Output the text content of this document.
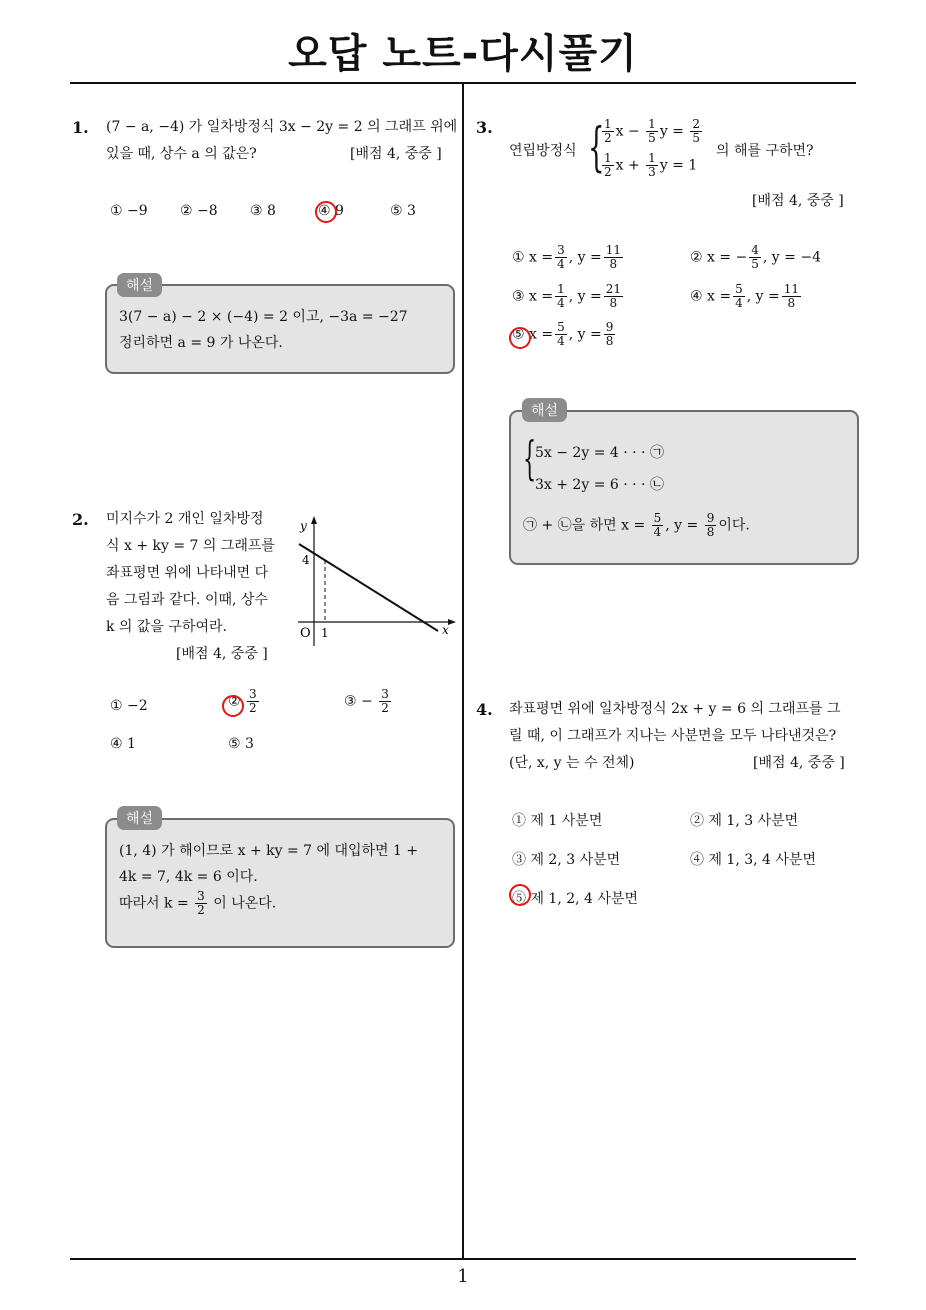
오답 노트-다시풀기
1
1. (7 − a, −4) 가 일차방정식 3x − 2y = 2 의 그래프 위에
있을 때, 상수 a 의 값은?	[배점 4, 중중 ]
① −9 ② −8 ③ 8	④ 9	⑤ 3
3(7 − a) − 2 × (−4) = 2 이고, −3a = −27
정리하면 a = 9 가 나온다.
해설
2. 미지수가 2 개인 일차방정
식 x + ky = 7 의 그래프를
좌표평면 위에 나타내면 다
음 그림과 같다. 이때, 상수
k 의 값을 구하여라.
[배점 4, 중중 ]
y
x
O 1
4
① −2	② $\frac{3}{2}$	③ − $\frac{3}{2}$
④ 1	⑤ 3
(1, 4) 가 해이므로 x + ky = 7 에 대입하면 1 +
4k = 7, 4k = 6 이다.
따라서 $k = \frac{3}{2}$ 이 나온다.
해설
3.
연립방정식 {
$\frac{1}{2}$ $x - \frac{1}{5}$ $y = \frac{2}{5}$
$\frac{1}{2}$ $x + \frac{1}{3}$ y = 1
의 해를 구하면?
[배점 4, 중중 ]
① $x = \frac{3}{4}$ , $y = \frac{11}{8}$	② x = − $\frac{4}{5}$ , y = −4
③ $x = \frac{1}{4}$ , $y = \frac{21}{8}$	④ $x = \frac{5}{4}$ , $y = \frac{11}{8}$
⑤ $x = \frac{5}{4}$ , $y = \frac{9}{8}$
{
5x − 2y = 4 · · · ㉠
3x + 2y = 6 · · · ㉡
㉠ + ㉡을 하면 $x = \frac{5}{4}$ , $y = \frac{9}{8}$ 이다.
해설
4. 좌표평면 위에 일차방정식 2x + y = 6 의 그래프를 그
릴 때, 이 그래프가 지나는 사분면을 모두 나타낸것은?
(단, x, y 는 수 전체)	[배점 4, 중중 ]
① 제 1 사분면	② 제 1, 3 사분면
③ 제 2, 3 사분면	④ 제 1, 3, 4 사분면
⑤ 제 1, 2, 4 사분면
